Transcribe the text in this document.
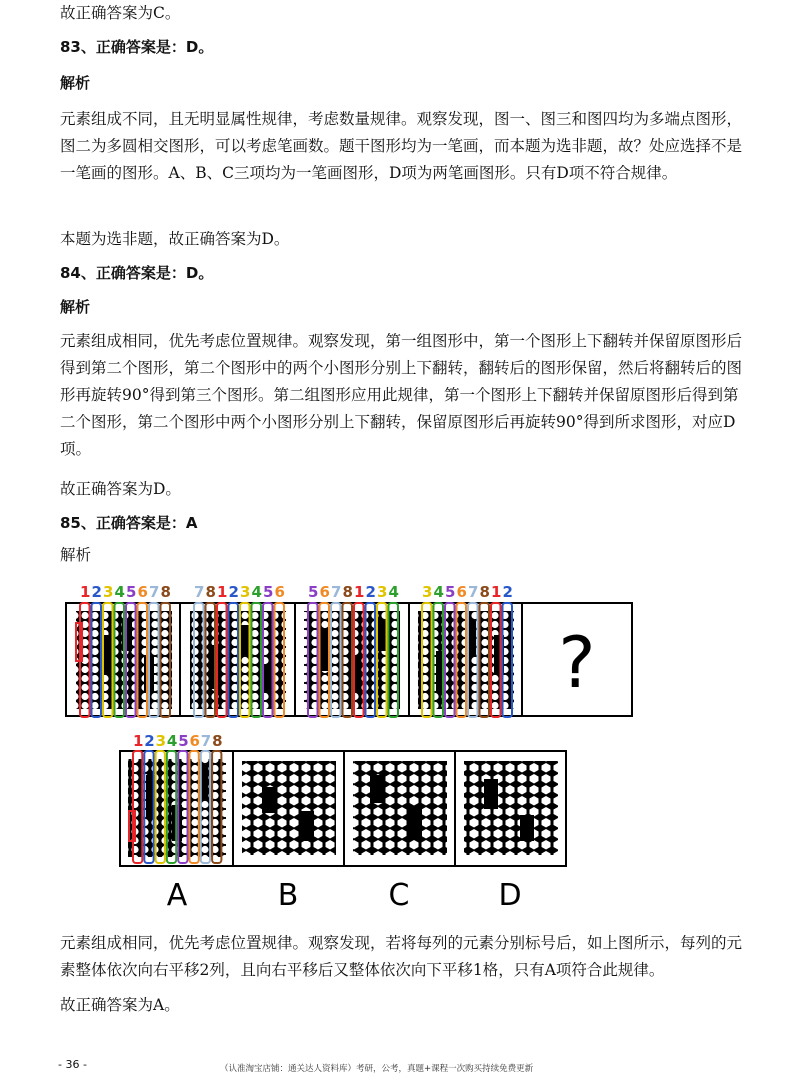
故正确答案为C。

83、正确答案是：D。

解析

元素组成不同，且无明显属性规律，考虑数量规律。观察发现，图一、图三和图四均为多端点图形，图二为多圆相交图形，可以考虑笔画数。题干图形均为一笔画，而本题为选非题，故？处应选择不是一笔画的图形。A、B、C三项均为一笔画图形，D项为两笔画图形。只有D项不符合规律。

本题为选非题，故正确答案为D。

84、正确答案是：D。

解析

元素组成相同，优先考虑位置规律。观察发现，第一组图形中，第一个图形上下翻转并保留原图形后得到第二个图形，第二个图形中的两个小图形分别上下翻转，翻转后的图形保留，然后将翻转后的图形再旋转90°得到第三个图形。第二组图形应用此规律，第一个图形上下翻转并保留原图形后得到第二个图形，第二个图形中两个小图形分别上下翻转，保留原图形后再旋转90°得到所求图形，对应D项。

故正确答案为D。

85、正确答案是：A

解析

?
1 2 3 4 5 6 7 8 7 8 1 2 3 4 5 6 5 6 7 8 1 2 3 4 3 4 5 6 7 8 1 2
1 2 3 4 5 6 7 8
A	B	C	D

元素组成相同，优先考虑位置规律。观察发现，若将每列的元素分别标号后，如上图所示，每列的元素整体依次向右平移2列，且向右平移后又整体依次向下平移1格，只有A项符合此规律。

故正确答案为A。

- 36 -	（认准淘宝店铺：通关达人资料库）考研，公考，真题+课程一次购买持续免费更新
